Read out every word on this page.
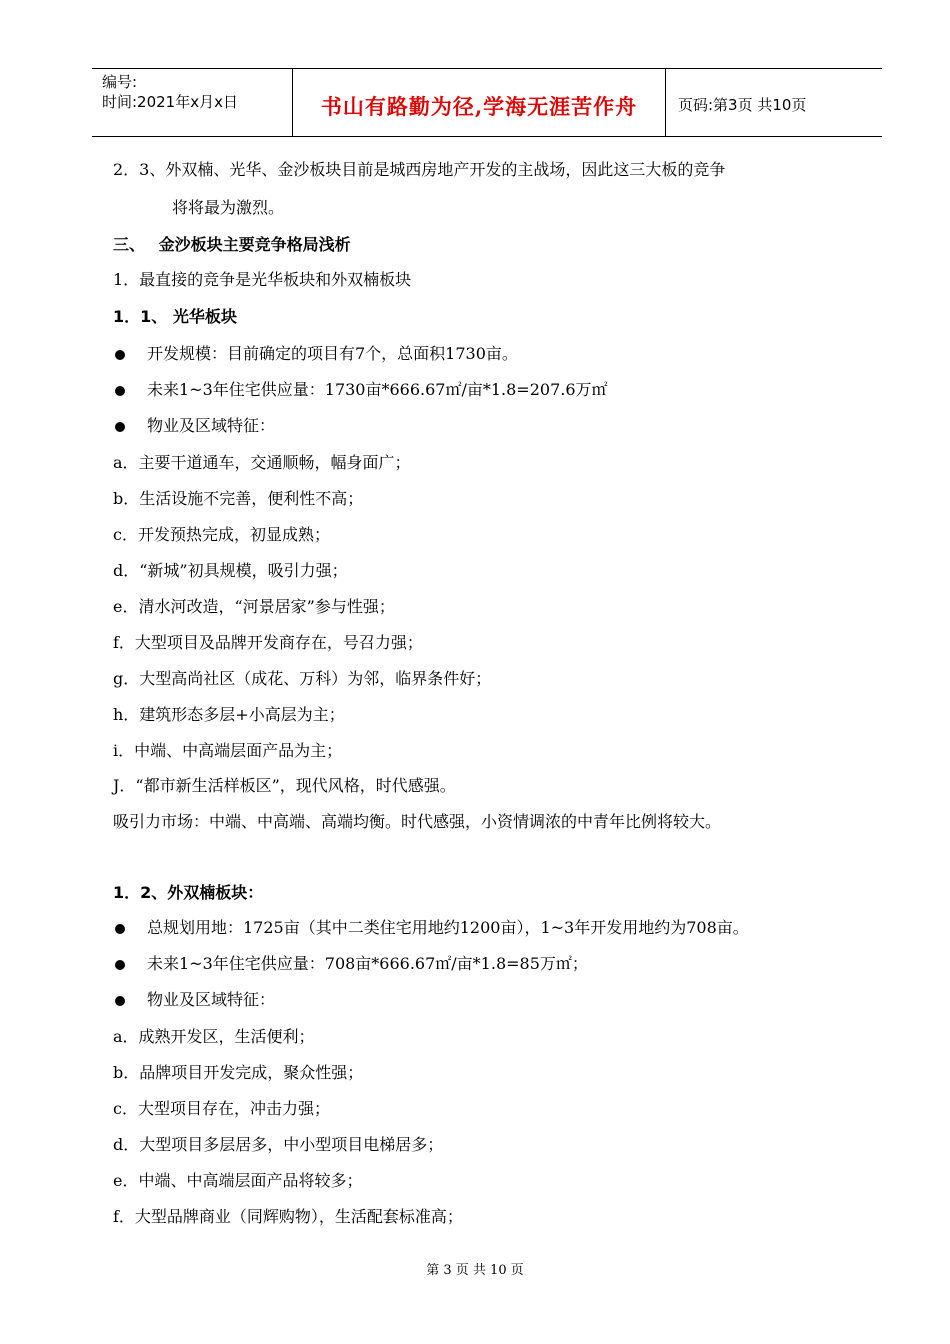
编号:
时间:2021年x月x日	书山有路勤为径,学海无涯苦作舟	页码:第3页 共10页
2．3、外双楠、光华、金沙板块目前是城西房地产开发的主战场，因此这三大板的竞争
将将最为激烈。
三、　 金沙板块主要竞争格局浅析
1．最直接的竞争是光华板块和外双楠板块
1．1、 光华板块
开发规模：目前确定的项目有7个，总面积1730亩。
未来1~3年住宅供应量：1730亩*666.67㎡/亩*1.8=207.6万㎡
物业及区域特征：
a．主要干道通车，交通顺畅，幅身面广；
b．生活设施不完善，便利性不高；
c．开发预热完成，初显成熟；
d．“新城”初具规模，吸引力强；
e．清水河改造，“河景居家”参与性强；
f．大型项目及品牌开发商存在，号召力强；
g．大型高尚社区（成花、万科）为邻，临界条件好；
h．建筑形态多层+小高层为主；
i．中端、中高端层面产品为主；
J．“都市新生活样板区”，现代风格，时代感强。
吸引力市场：中端、中高端、高端均衡。时代感强，小资情调浓的中青年比例将较大。
1．2、外双楠板块：
总规划用地：1725亩（其中二类住宅用地约1200亩），1~3年开发用地约为708亩。
未来1~3年住宅供应量：708亩*666.67㎡/亩*1.8=85万㎡；
物业及区域特征：
a．成熟开发区，生活便利；
b．品牌项目开发完成，聚众性强；
c．大型项目存在，冲击力强；
d．大型项目多层居多，中小型项目电梯居多；
e．中端、中高端层面产品将较多；
f．大型品牌商业（同辉购物），生活配套标准高；
第 3 页 共 10 页
